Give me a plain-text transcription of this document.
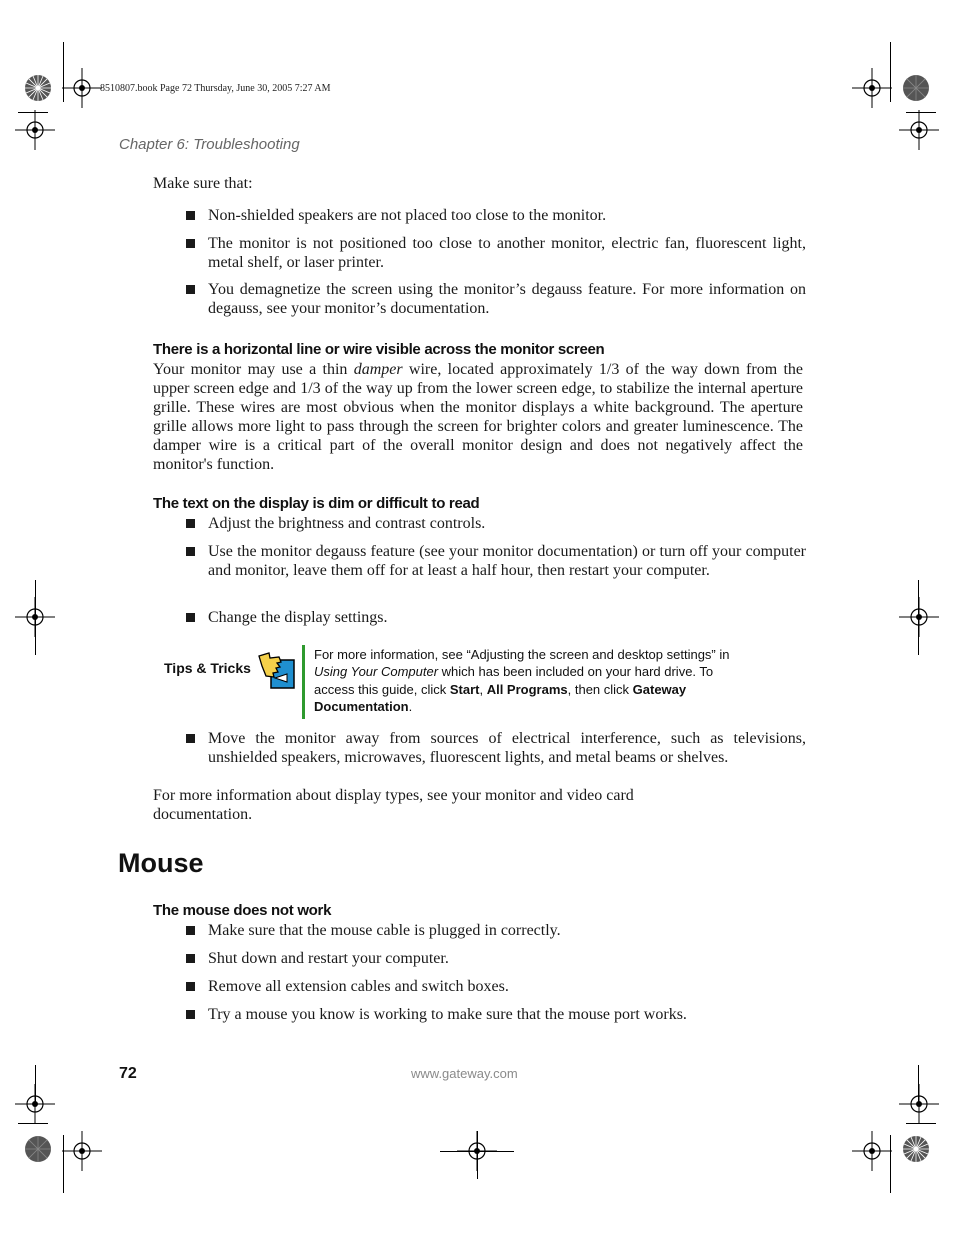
8510807.book Page 72 Thursday, June 30, 2005 7:27 AM
Chapter 6: Troubleshooting
Make sure that:
Non-shielded speakers are not placed too close to the monitor.
The monitor is not positioned too close to another monitor, electric fan, fluorescent light, metal shelf, or laser printer.
You demagnetize the screen using the monitor’s degauss feature. For more information on degauss, see your monitor’s documentation.
There is a horizontal line or wire visible across the monitor screen
Your monitor may use a thin damper wire, located approximately 1/3 of the way down from the upper screen edge and 1/3 of the way up from the lower screen edge, to stabilize the internal aperture grille. These wires are most obvious when the monitor displays a white background. The aperture grille allows more light to pass through the screen for brighter colors and greater luminescence. The damper wire is a critical part of the overall monitor design and does not negatively affect the monitor's function.
The text on the display is dim or difficult to read
Adjust the brightness and contrast controls.
Use the monitor degauss feature (see your monitor documentation) or turn off your computer and monitor, leave them off for at least a half hour, then restart your computer.
Change the display settings.
Tips & Tricks
For more information, see “Adjusting the screen and desktop settings” in Using Your Computer which has been included on your hard drive. To access this guide, click Start, All Programs, then click Gateway Documentation.
Move the monitor away from sources of electrical interference, such as televisions, unshielded speakers, microwaves, fluorescent lights, and metal beams or shelves.
For more information about display types, see your monitor and video card documentation.
Mouse
The mouse does not work
Make sure that the mouse cable is plugged in correctly.
Shut down and restart your computer.
Remove all extension cables and switch boxes.
Try a mouse you know is working to make sure that the mouse port works.
72	www.gateway.com
